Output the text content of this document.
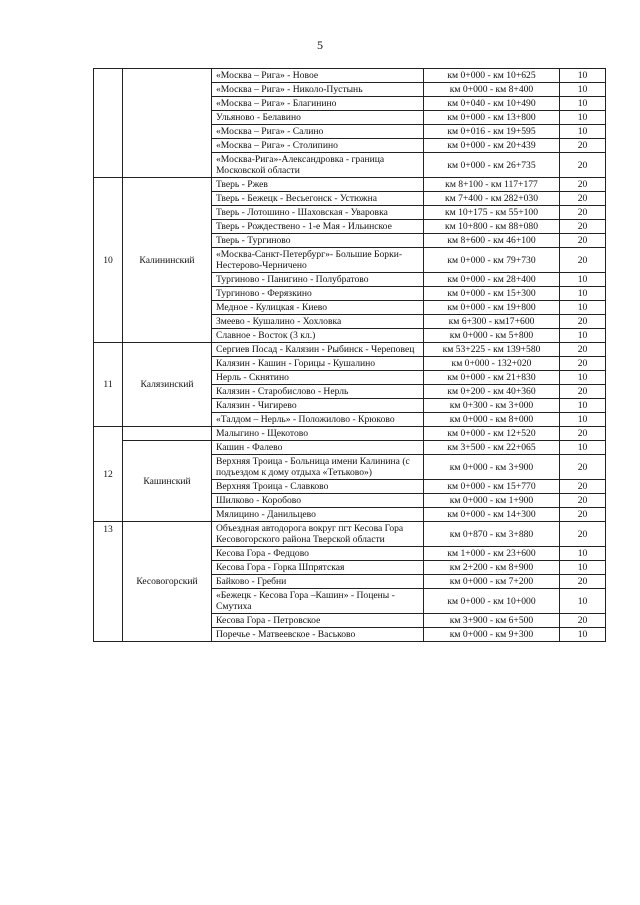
5
		«Москва – Рига» - Новое	км 0+000 - км 10+625	10
		«Москва – Рига» - Николо-Пустынь	км 0+000 - км 8+400	10
		«Москва – Рига» - Благинино	км 0+040 - км 10+490	10
		Ульяново - Белавино	км 0+000 - км 13+800	10
		«Москва – Рига» - Салино	км 0+016 - км 19+595	10
		«Москва – Рига» - Столипино	км 0+000 - км 20+439	20
		«Москва-Рига»-Александровка - граница Московской области	км 0+000 - км 26+735	20
10	Калининский	Тверь - Ржев	км 8+100 - км 117+177	20
		Тверь - Бежецк - Весьегонск - Устюжна	км 7+400 - км 282+030	20
		Тверь - Лотошино - Шаховская - Уваровка	км 10+175 - км 55+100	20
		Тверь - Рождествено - 1-е Мая - Ильинское	км 10+800 - км 88+080	20
		Тверь - Тургиново	км 8+600 - км 46+100	20
		«Москва-Санкт-Петербург»- Большие Борки-Нестерово-Черничено	км 0+000 - км 79+730	20
		Тургиново - Панигино - Полубратово	км 0+000 - км 28+400	10
		Тургиново - Ферязкино	км 0+000 - км 15+300	10
		Медное - Кулицкая - Киево	км 0+000 - км 19+800	10
		Змеево - Кушалино - Хохловка	км 6+300 - км17+600	20
		Славное - Восток (3 кл.)	км 0+000 - км 5+800	10
11	Калязинский	Сергиев Посад - Калязин - Рыбинск - Череповец	км 53+225 - км 139+580	20
		Калязин - Кашин - Горицы - Кушалино	км 0+000 - 132+020	20
		Нерль - Скнятино	км 0+000 - км 21+830	10
		Калязин - Старобислово - Нерль	км 0+200 - км 40+360	20
		Калязин - Чигирево	км 0+300 - км 3+000	10
		«Талдом – Нерль» - Положилово - Крюково	км 0+000 - км 8+000	10
12		Малыгино - Щекотово	км 0+000 - км 12+520	20
	Кашинский	Кашин - Фалево	км 3+500 - км 22+065	10
		Верхняя Троица - Больница имени Калинина (с подъездом к дому отдыха «Тетьково»)	км 0+000 - км 3+900	20
		Верхняя Троица - Славково	км 0+000 - км 15+770	20
		Шилково - Коробово	км 0+000 - км 1+900	20
		Мялицино - Данильцево	км 0+000 - км 14+300	20
13	Кесовогорский	Объездная автодорога вокруг пгт Кесова Гора Кесовогорского района Тверской области	км 0+870 - км 3+880	20
		Кесова Гора - Федцово	км 1+000 - км 23+600	10
		Кесова Гора - Горка Шпрятская	км 2+200 - км 8+900	10
		Байково - Гребни	км 0+000 - км 7+200	20
		«Бежецк - Кесова Гора –Кашин» - Поцены - Смутиха	км 0+000 - км 10+000	10
		Кесова Гора - Петровское	км 3+900 - км 6+500	20
		Поречье - Матвеевское - Васьково	км 0+000 - км 9+300	10
